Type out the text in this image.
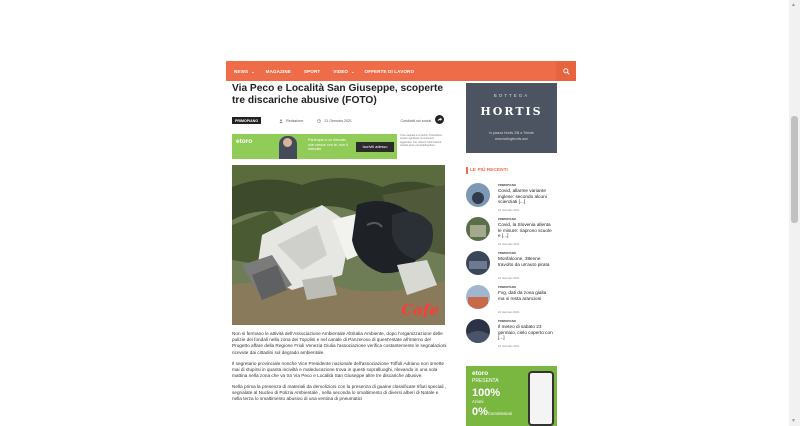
NEWS ⌄ MAGAZINE	SPORT	VIDEO ⌄ OFFERTE DI LAVORO
Via Peco e Località San Giuseppe, scoperte tre discariche abusive (FOTO)
PRIMOPIANO	Redazione	21 Gennaio 2021	Condividi sui social
etoro	Partecipa a un mercato che cresce con te, non il mercato
Iscriviti adesso
Il tuo capitale è a rischio. Potrebbero essere applicate commissioni aggiuntive. Per ulteriori informazioni, visitare etoro.com/trading/fees.
Cafe

Non si fermano le attività dell'Associazione Ambientale Altritalia Ambiente, dopo l'organizzazione delle pulizie dei fondali nella zona dei Topolini e nel canale di Panzeroso di quest'estate all'interno del Progetto affare della Regione Friuli Venezia Giulia l'associazione verifica costantemente le segnalazioni ricevute dai cittadini sul degrado ambientale.

Il segretario provinciale nonche Vice Presidente nazionale dell'associazione Toffoli Adriano non smette mai di stupirsi in quanta inciviltà e maleducazione trova in questi sopralluoghi, rilevando in una sola mattina nella zona che va tra Via Peco e Località San Giuseppe altre tre discariche abusive.

Nella prima la presenza di materiali da demolizioni con la presenza di guaine classificate rifiuti speciali , segnalate al Nucleo di Polizia Ambientale , nella seconda lo smaltimento di diversi alberi di Natale e nella terza lo smaltimento abusivo di una ventina di pneumatici

BOTTEGA
HORTIS
in piazza Hortis 2/B a Trieste
www.bottegahortis.com
LE PIÙ RECENTI
PRIMOPIANO
Covid, allarme variante inglese: secondo alcuni scienziati [...]
22 Gennaio 2021
PRIMOPIANO
Covid, la Slovenia allenta le misure: riaprono scuole e [...]
22 Gennaio 2021
PRIMOPIANO
Monfalcone, 38enne travolto da un'auto pirata
22 Gennaio 2021
PRIMOPIANO
Fvg, dati da zona gialla ma si resta arancioni
22 Gennaio 2021
PRIMOPIANO
Il meteo di sabato 23 gennaio, cielo coperto con [...]
22 Gennaio 2021
etoro
PRESENTA
100%
Azioni
0% Commissioni
▲
▼
